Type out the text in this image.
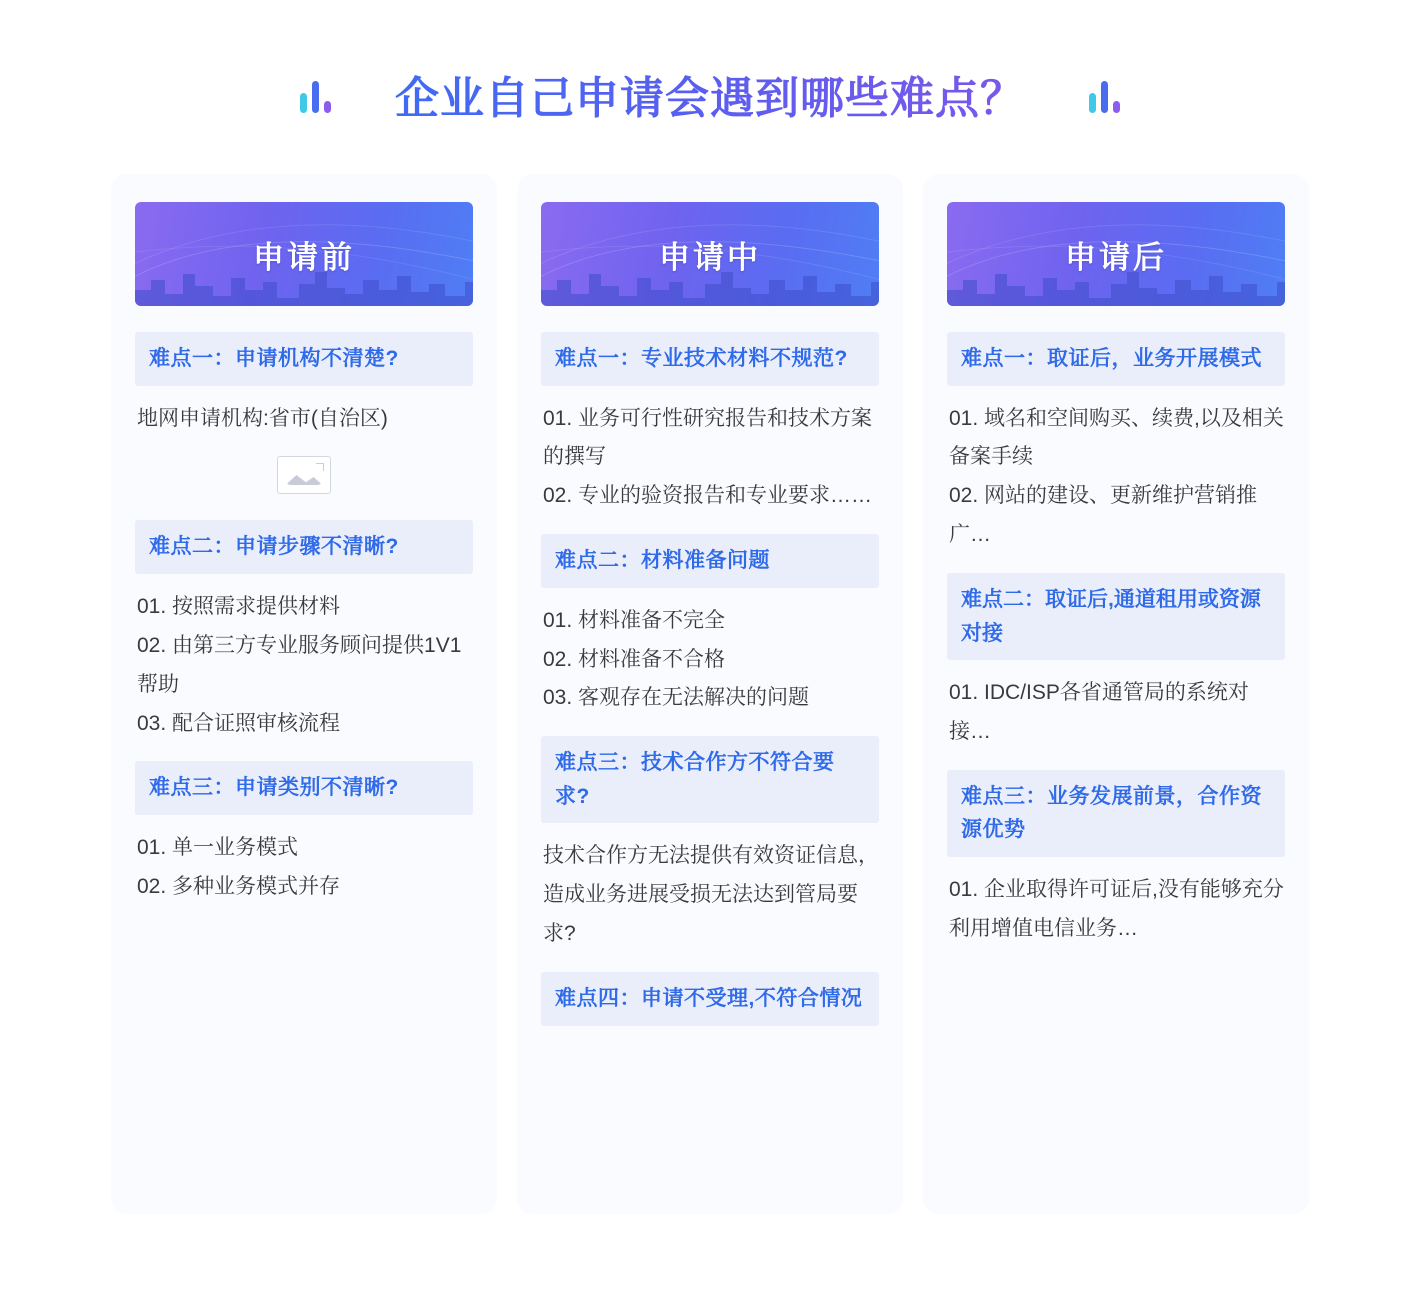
企业自己申请会遇到哪些难点？
申请前
难点一：申请机构不清楚?

地网申请机构:省市(自治区)

难点二：申请步骤不清晰?

01. 按照需求提供材料
02. 由第三方专业服务顾问提供1V1帮助
03. 配合证照审核流程

难点三：申请类别不清晰?

01. 单一业务模式
02. 多种业务模式并存

申请中
难点一：专业技术材料不规范?

01. 业务可行性研究报告和技术方案的撰写
02. 专业的验资报告和专业要求……

难点二：材料准备问题

01. 材料准备不完全
02. 材料准备不合格
03. 客观存在无法解决的问题

难点三：技术合作方不符合要求?

技术合作方无法提供有效资证信息，造成业务进展受损无法达到管局要求?

难点四：申请不受理,不符合情况
申请后
难点一：取证后，业务开展模式

01. 域名和空间购买、续费,以及相关备案手续
02. 网站的建设、更新维护营销推广…

难点二：取证后,通道租用或资源对接

01. IDC/ISP各省通管局的系统对接…

难点三：业务发展前景，合作资源优势

01. 企业取得许可证后,没有能够充分利用增值电信业务…
